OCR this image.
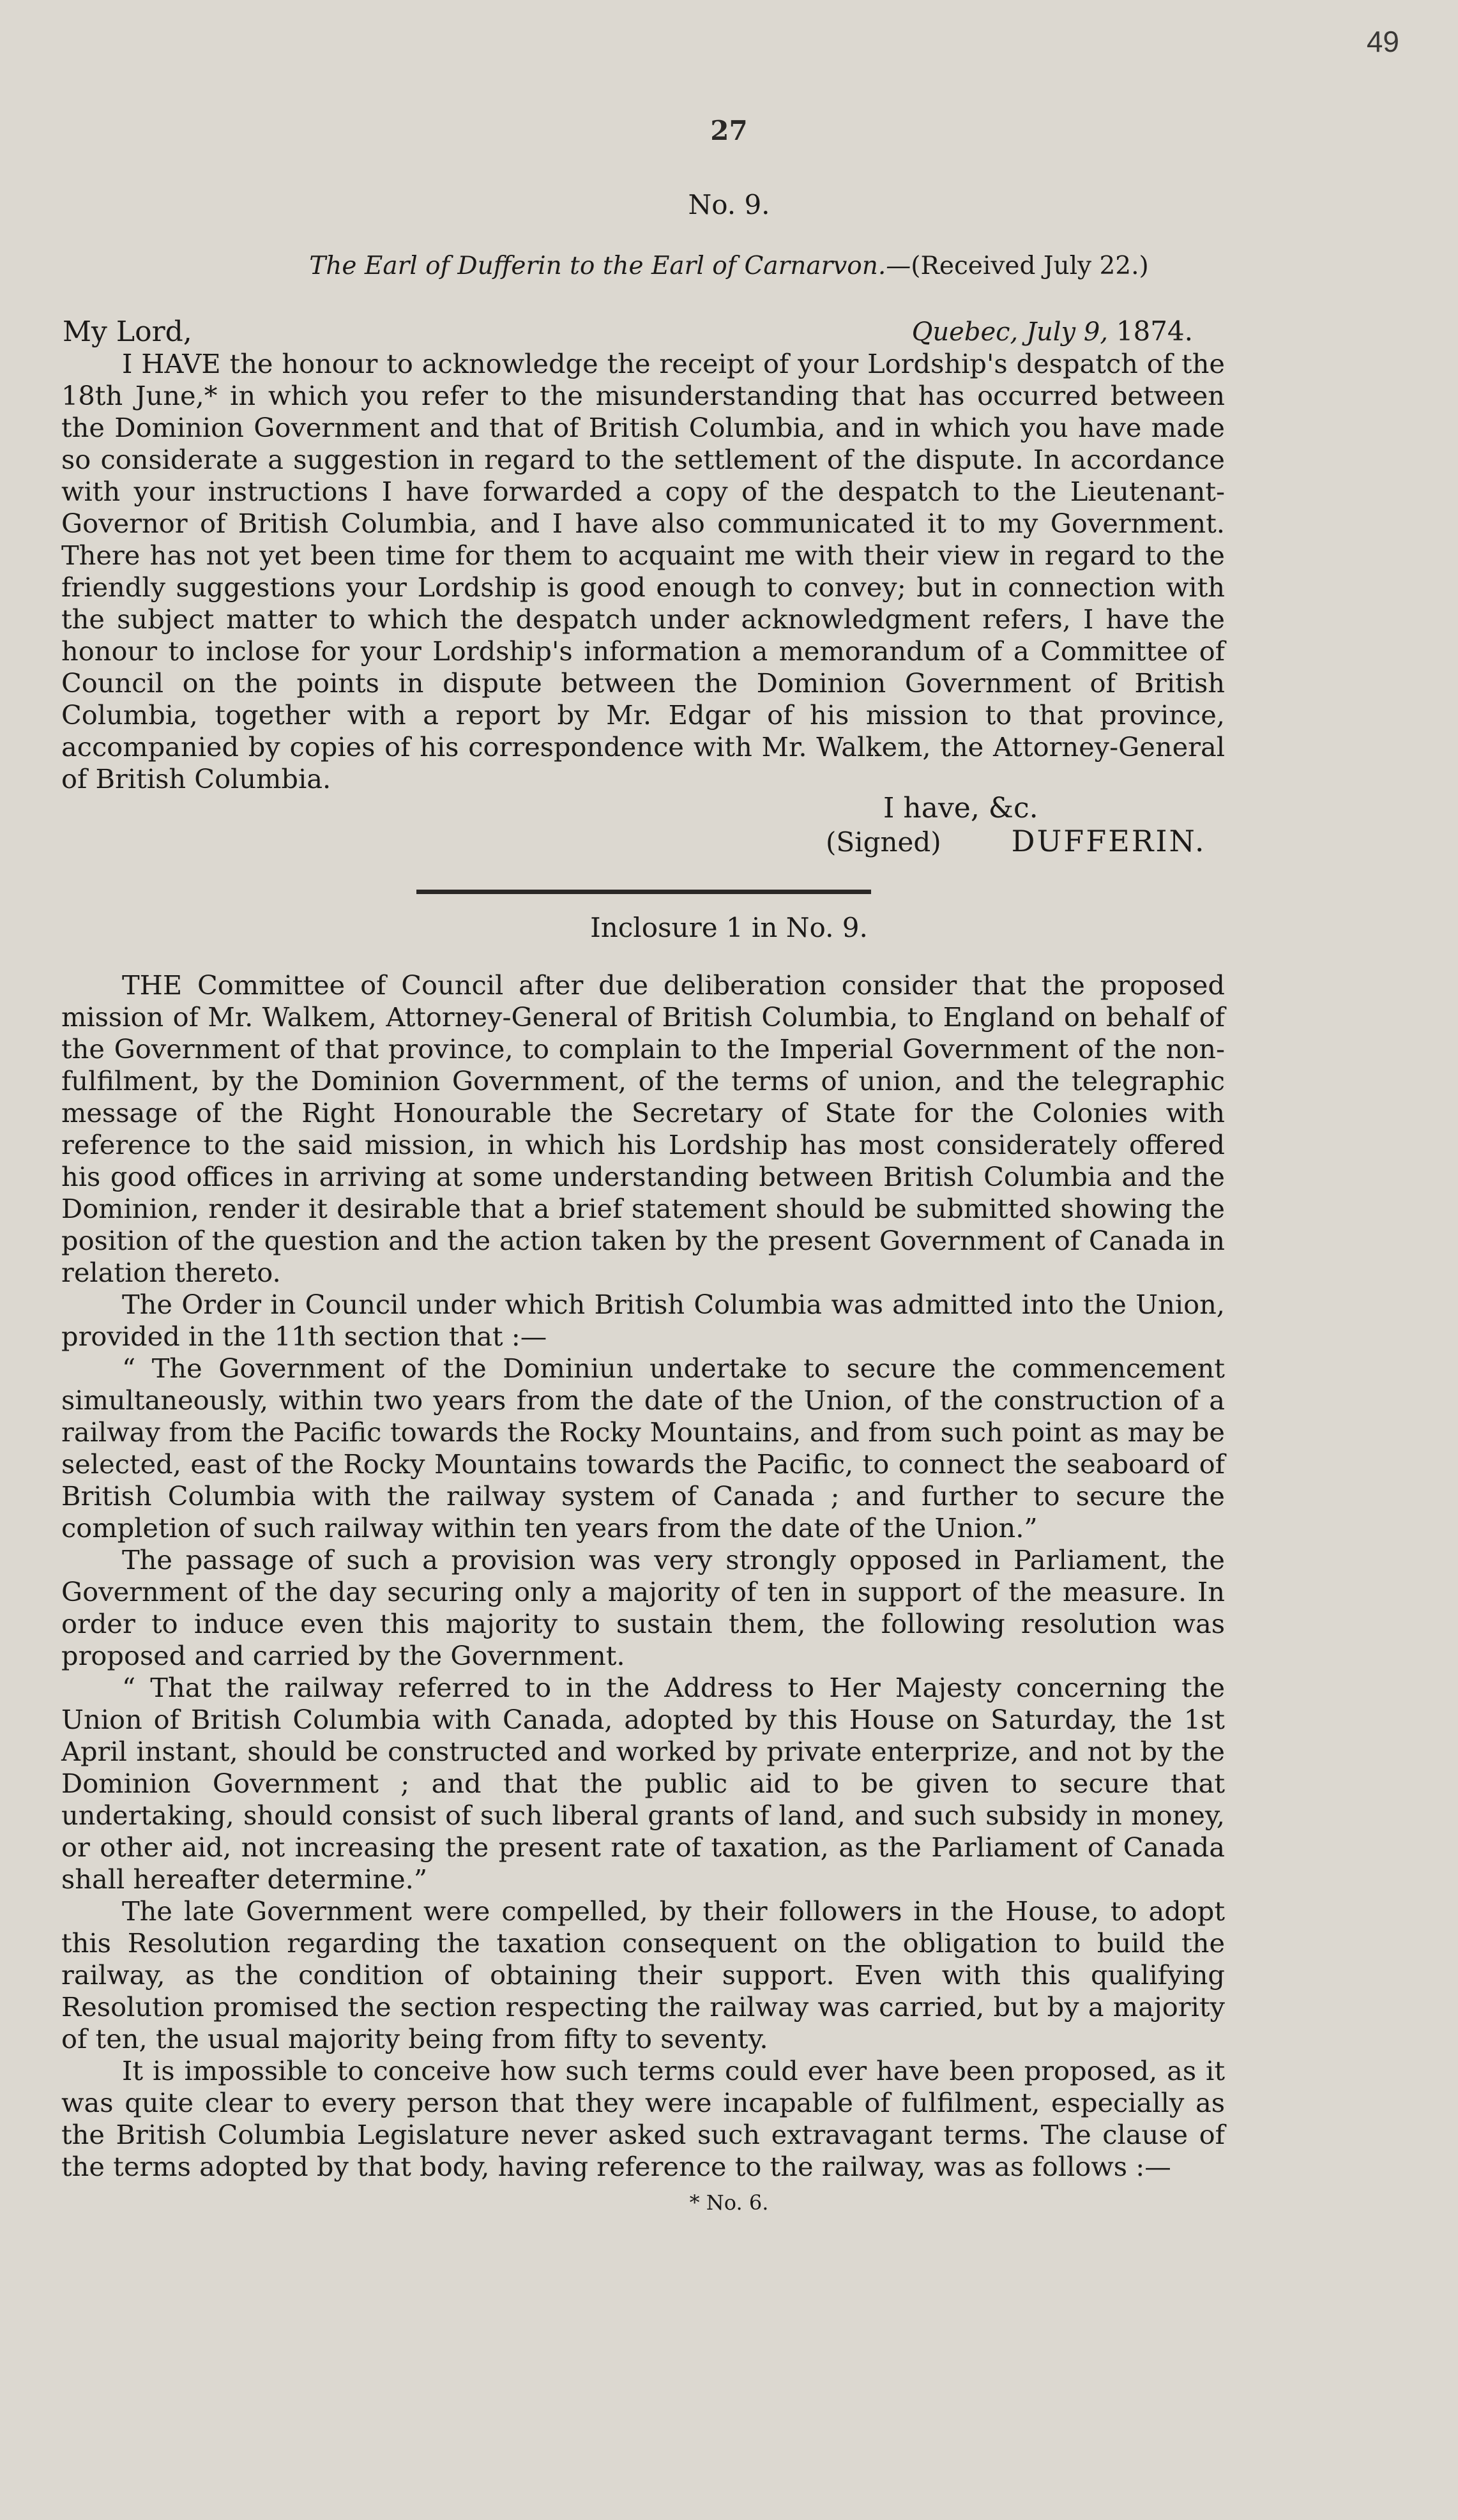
49
27
No. 9.
The Earl of Dufferin to the Earl of Carnarvon.—(Received July 22.)
My Lord,	Quebec, July 9, 1874.

I HAVE the honour to acknowledge the receipt of your Lordship's despatch of the 18th June,* in which you refer to the misunderstanding that has occurred between the Dominion Government and that of British Columbia, and in which you have made so considerate a suggestion in regard to the settlement of the dispute. In accordance with your instructions I have forwarded a copy of the despatch to the Lieutenant-Governor of British Columbia, and I have also communicated it to my Government. There has not yet been time for them to acquaint me with their view in regard to the friendly suggestions your Lordship is good enough to convey; but in connection with the subject matter to which the despatch under acknowledgment refers, I have the honour to inclose for your Lordship's information a memorandum of a Committee of Council on the points in dispute between the Dominion Government of British Columbia, together with a report by Mr. Edgar of his mission to that province, accompanied by copies of his correspondence with Mr. Walkem, the Attorney-General of British Columbia.

I have, &c.
(Signed) DUFFERIN.
Inclosure 1 in No. 9.

THE Committee of Council after due deliberation consider that the proposed mission of Mr. Walkem, Attorney-General of British Columbia, to England on behalf of the Government of that province, to complain to the Imperial Government of the non-fulfilment, by the Dominion Government, of the terms of union, and the telegraphic message of the Right Honourable the Secretary of State for the Colonies with reference to the said mission, in which his Lordship has most considerately offered his good offices in arriving at some understanding between British Columbia and the Dominion, render it desirable that a brief statement should be submitted showing the position of the question and the action taken by the present Government of Canada in relation thereto.

The Order in Council under which British Columbia was admitted into the Union, provided in the 11th section that :—

“ The Government of the Dominiun undertake to secure the commencement simultaneously, within two years from the date of the Union, of the construction of a railway from the Pacific towards the Rocky Mountains, and from such point as may be selected, east of the Rocky Mountains towards the Pacific, to connect the seaboard of British Columbia with the railway system of Canada ; and further to secure the completion of such railway within ten years from the date of the Union.”

The passage of such a provision was very strongly opposed in Parliament, the Government of the day securing only a majority of ten in support of the measure. In order to induce even this majority to sustain them, the following resolution was proposed and carried by the Government.

“ That the railway referred to in the Address to Her Majesty concerning the Union of British Columbia with Canada, adopted by this House on Saturday, the 1st April instant, should be constructed and worked by private enterprize, and not by the Dominion Government ; and that the public aid to be given to secure that undertaking, should consist of such liberal grants of land, and such subsidy in money, or other aid, not increasing the present rate of taxation, as the Parliament of Canada shall hereafter determine.”

The late Government were compelled, by their followers in the House, to adopt this Resolution regarding the taxation consequent on the obligation to build the railway, as the condition of obtaining their support. Even with this qualifying Resolution promised the section respecting the railway was carried, but by a majority of ten, the usual majority being from fifty to seventy.

It is impossible to conceive how such terms could ever have been proposed, as it was quite clear to every person that they were incapable of fulfilment, especially as the British Columbia Legislature never asked such extravagant terms. The clause of the terms adopted by that body, having reference to the railway, was as follows :—

* No. 6.
